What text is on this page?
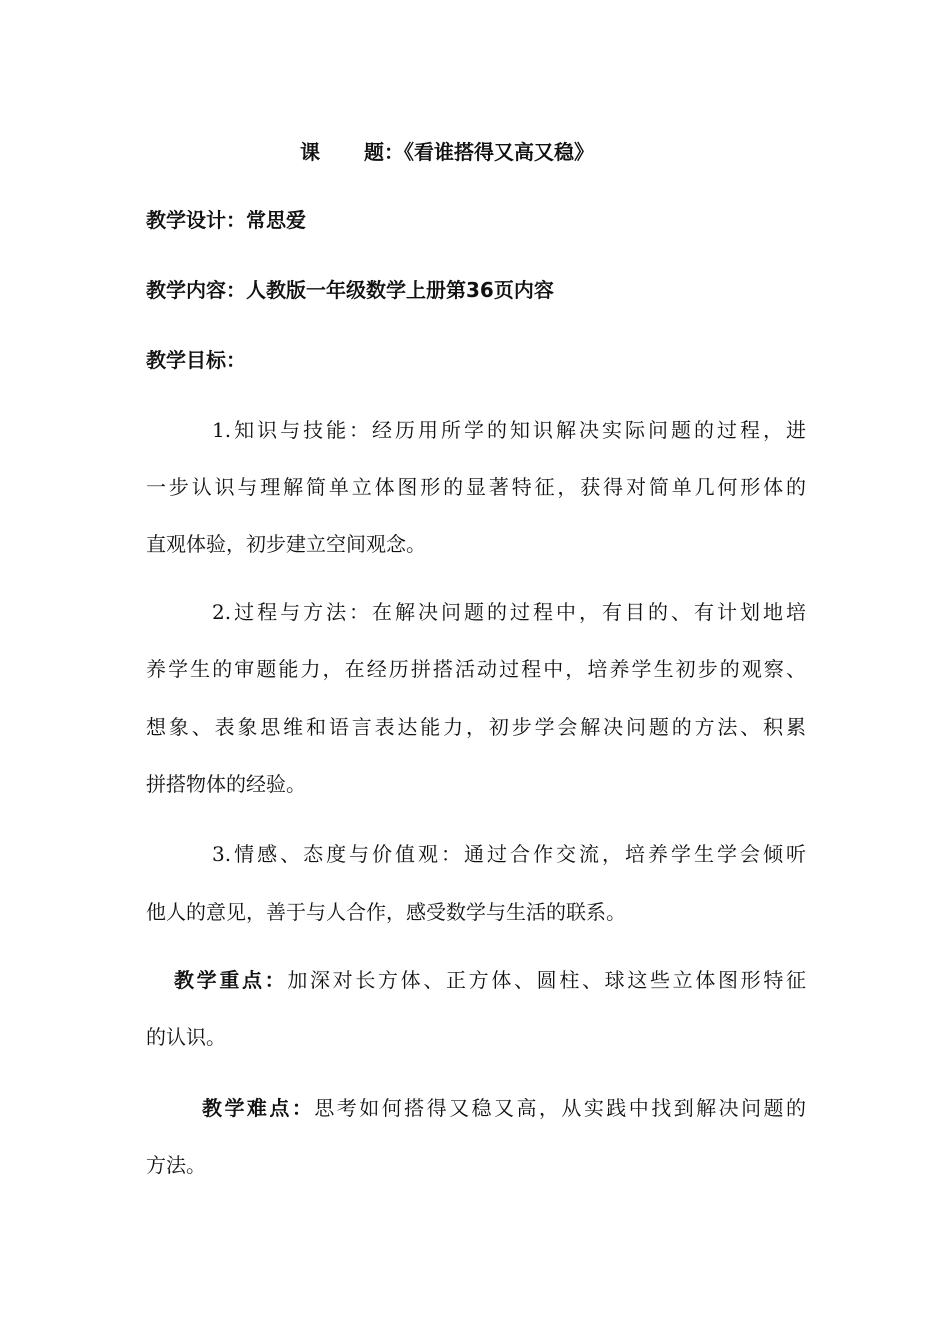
课 题：《看谁搭得又高又稳》
教学设计：常思爱
教学内容：人教版一年级数学上册第36页内容
教学目标：
1.知识与技能：经历用所学的知识解决实际问题的过程，进
一步认识与理解简单立体图形的显著特征，获得对简单几何形体的
直观体验，初步建立空间观念。
2.过程与方法：在解决问题的过程中，有目的、有计划地培
养学生的审题能力，在经历拼搭活动过程中，培养学生初步的观察、
想象、表象思维和语言表达能力，初步学会解决问题的方法、积累
拼搭物体的经验。
3.情感、态度与价值观：通过合作交流，培养学生学会倾听
他人的意见，善于与人合作，感受数学与生活的联系。
教学重点：加深对长方体、正方体、圆柱、球这些立体图形特征
的认识。
教学难点：思考如何搭得又稳又高，从实践中找到解决问题的
方法。
